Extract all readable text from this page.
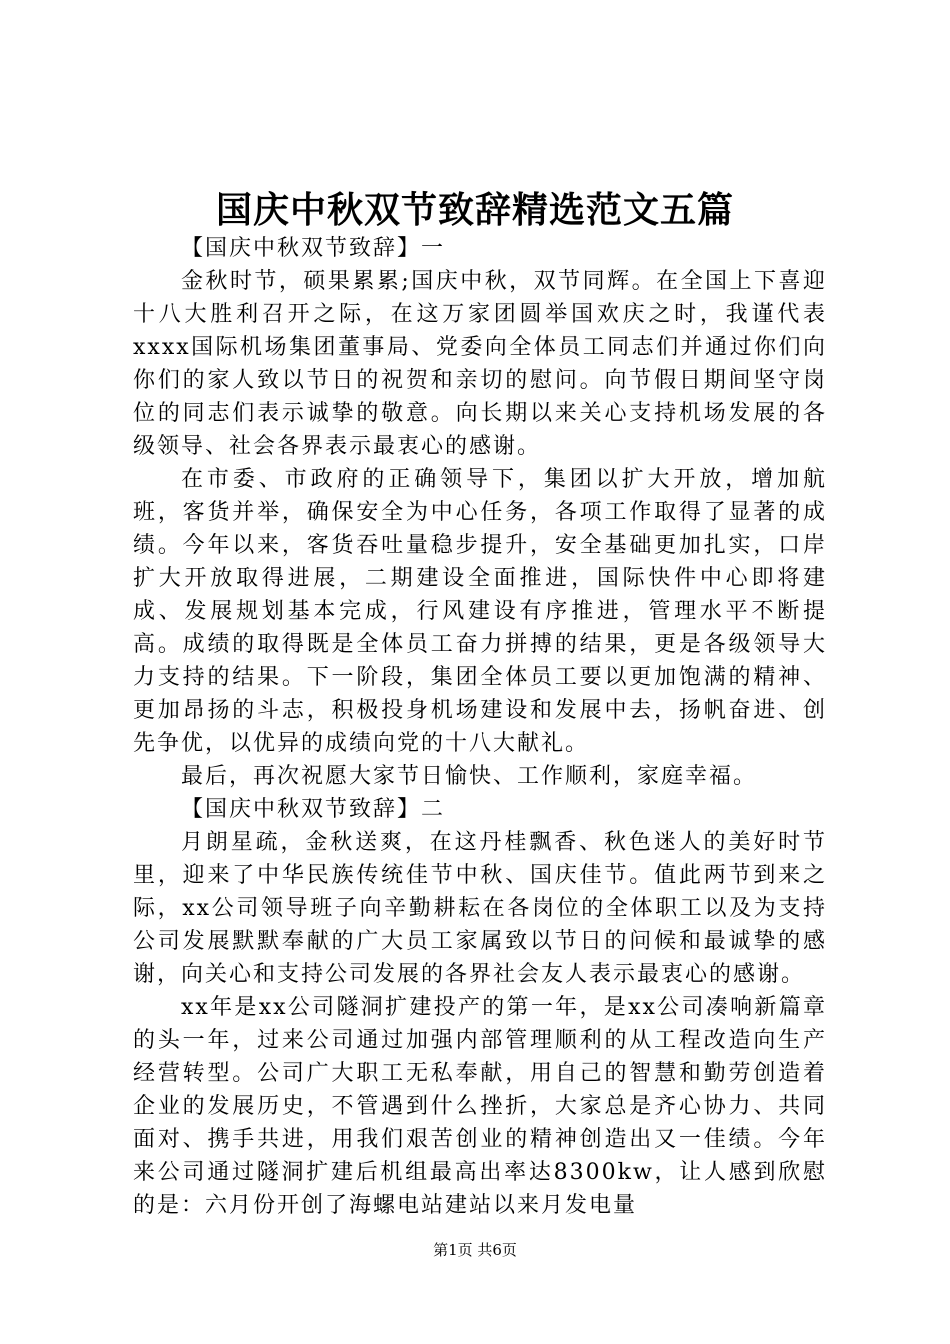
国庆中秋双节致辞精选范文五篇

【国庆中秋双节致辞】一

金秋时节，硕果累累;国庆中秋，双节同辉。在全国上下喜迎十八大胜利召开之际，在这万家团圆举国欢庆之时，我谨代表xxxx国际机场集团董事局、党委向全体员工同志们并通过你们向你们的家人致以节日的祝贺和亲切的慰问。向节假日期间坚守岗位的同志们表示诚挚的敬意。向长期以来关心支持机场发展的各级领导、社会各界表示最衷心的感谢。

在市委、市政府的正确领导下，集团以扩大开放，增加航班，客货并举，确保安全为中心任务，各项工作取得了显著的成绩。今年以来，客货吞吐量稳步提升，安全基础更加扎实，口岸扩大开放取得进展，二期建设全面推进，国际快件中心即将建成、发展规划基本完成，行风建设有序推进，管理水平不断提高。成绩的取得既是全体员工奋力拼搏的结果，更是各级领导大力支持的结果。下一阶段，集团全体员工要以更加饱满的精神、更加昂扬的斗志，积极投身机场建设和发展中去，扬帆奋进、创先争优，以优异的成绩向党的十八大献礼。

最后，再次祝愿大家节日愉快、工作顺利，家庭幸福。

【国庆中秋双节致辞】二

月朗星疏，金秋送爽，在这丹桂飘香、秋色迷人的美好时节里，迎来了中华民族传统佳节中秋、国庆佳节。值此两节到来之际，xx公司领导班子向辛勤耕耘在各岗位的全体职工以及为支持公司发展默默奉献的广大员工家属致以节日的问候和最诚挚的感谢，向关心和支持公司发展的各界社会友人表示最衷心的感谢。

xx年是xx公司隧洞扩建投产的第一年，是xx公司凑响新篇章的头一年，过来公司通过加强内部管理顺利的从工程改造向生产经营转型。公司广大职工无私奉献，用自己的智慧和勤劳创造着企业的发展历史，不管遇到什么挫折，大家总是齐心协力、共同面对、携手共进，用我们艰苦创业的精神创造出又一佳绩。今年来公司通过隧洞扩建后机组最高出率达8300kw，让人感到欣慰的是：六月份开创了海螺电站建站以来月发电量

第1页 共6页
